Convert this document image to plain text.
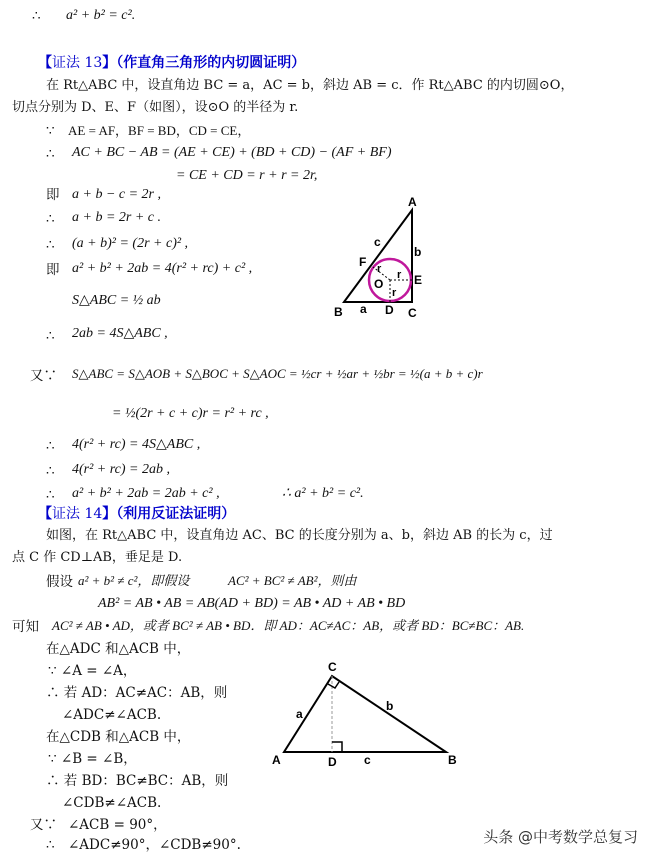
∴ a² + b² = c².
【证法 13】（作直角三角形的内切圆证明）
在 Rt△ABC 中，设直角边 BC = a，AC = b，斜边 AB = c．作 Rt△ABC 的内切圆⊙O，
切点分别为 D、E、F（如图），设⊙O 的半径为 r.
∵ AE = AF，BF = BD，CD = CE，
∴ AC + BC − AB = (AE + CE) + (BD + CD) − (AF + BF)
= CE + CD = r + r = 2r,
即 a + b − c = 2r ,
∴ a + b = 2r + c .
∴ (a + b)² = (2r + c)² ,
即 a² + b² + 2ab = 4(r² + rc) + c² ,
S△ABC = ½ ab
∴ 2ab = 4S△ABC ,
又∵ S△ABC = S△AOB + S△BOC + S△AOC = ½cr + ½ar + ½br = ½(a + b + c)r
= ½(2r + c + c)r = r² + rc ,
∴ 4(r² + rc) = 4S△ABC ,
∴ 4(r² + rc) = 2ab ,
∴ a² + b² + 2ab = 2ab + c² ,	∴ a² + b² = c².
A
B	C
D
E
F
O
a
b
c
r r
r
【证法 14】（利用反证法证明）
如图，在 Rt△ABC 中，设直角边 AC、BC 的长度分别为 a、b，斜边 AB 的长为 c，过
点 C 作 CD⊥AB，垂足是 D.
假设 a² + b² ≠ c²，即假设	AC² + BC² ≠ AB²，则由
AB² = AB • AB = AB(AD + BD) = AB • AD + AB • BD
可知 AC² ≠ AB • AD，或者 BC² ≠ AB • BD．即 AD：AC≠AC：AB，或者 BD：BC≠BC：AB.
在△ADC 和△ACB 中，
∵ ∠A = ∠A，
∴ 若 AD：AC≠AC：AB，则
∠ADC≠∠ACB.
在△CDB 和△ACB 中，
∵ ∠B = ∠B，
∴ 若 BD：BC≠BC：AB，则
∠CDB≠∠ACB.
又∵ ∠ACB = 90°，
∴ ∠ADC≠90°，∠CDB≠90°.
C
A	B
D
a
b
c
头条 @中考数学总复习
